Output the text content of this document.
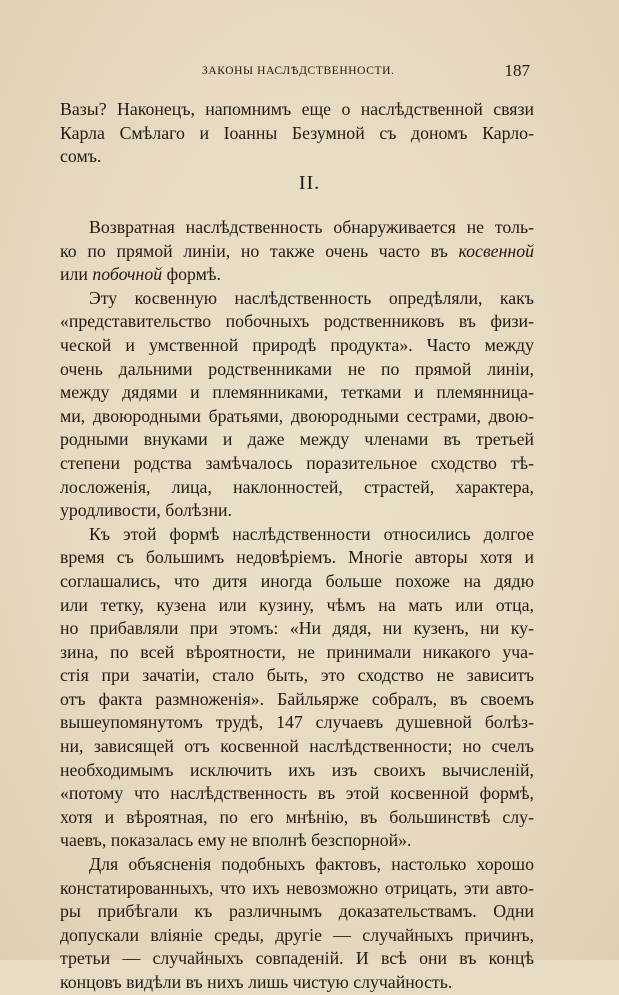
ЗАКОНЫ НАСЛѢДСТВЕННОСТИ.	187
Вазы? Наконецъ, напомнимъ еще о наслѣдственной связи
Карла Смѣлаго и Іоанны Безумной съ дономъ Карло-
сомъ.
II.
Возвратная наслѣдственность обнаруживается не толь-
ко по прямой линіи, но также очень часто въ косвенной
или побочной формѣ.
Эту косвенную наслѣдственность опредѣляли, какъ
«представительство побочныхъ родственниковъ въ физи-
ческой и умственной природѣ продукта». Часто между
очень дальними родственниками не по прямой линіи,
между дядями и племянниками, тетками и племянница-
ми, двоюродными братьями, двоюродными сестрами, двою-
родными внуками и даже между членами въ третьей
степени родства замѣчалось поразительное сходство тѣ-
лосложенія, лица, наклонностей, страстей, характера,
уродливости, болѣзни.
Къ этой формѣ наслѣдственности относились долгое
время съ большимъ недовѣріемъ. Многіе авторы хотя и
соглашались, что дитя иногда больше похоже на дядю
или тетку, кузена или кузину, чѣмъ на мать или отца,
но прибавляли при этомъ: «Ни дядя, ни кузенъ, ни ку-
зина, по всей вѣроятности, не принимали никакого уча-
стія при зачатіи, стало быть, это сходство не зависитъ
отъ факта размноженія». Байльярже собралъ, въ своемъ
вышеупомянутомъ трудѣ, 147 случаевъ душевной болѣз-
ни, зависящей отъ косвенной наслѣдственности; но счелъ
необходимымъ исключить ихъ изъ своихъ вычисленій,
«потому что наслѣдственность въ этой косвенной формѣ,
хотя и вѣроятная, по его мнѣнію, въ большинствѣ слу-
чаевъ, показалась ему не вполнѣ безспорной».
Для объясненія подобныхъ фактовъ, настолько хорошо
констатированныхъ, что ихъ невозможно отрицать, эти авто-
ры прибѣгали къ различнымъ доказательствамъ. Одни
допускали вліяніе среды, другіе — случайныхъ причинъ,
третьи — случайныхъ совпаденій. И всѣ они въ концѣ
концовъ видѣли въ нихъ лишь чистую случайность.
